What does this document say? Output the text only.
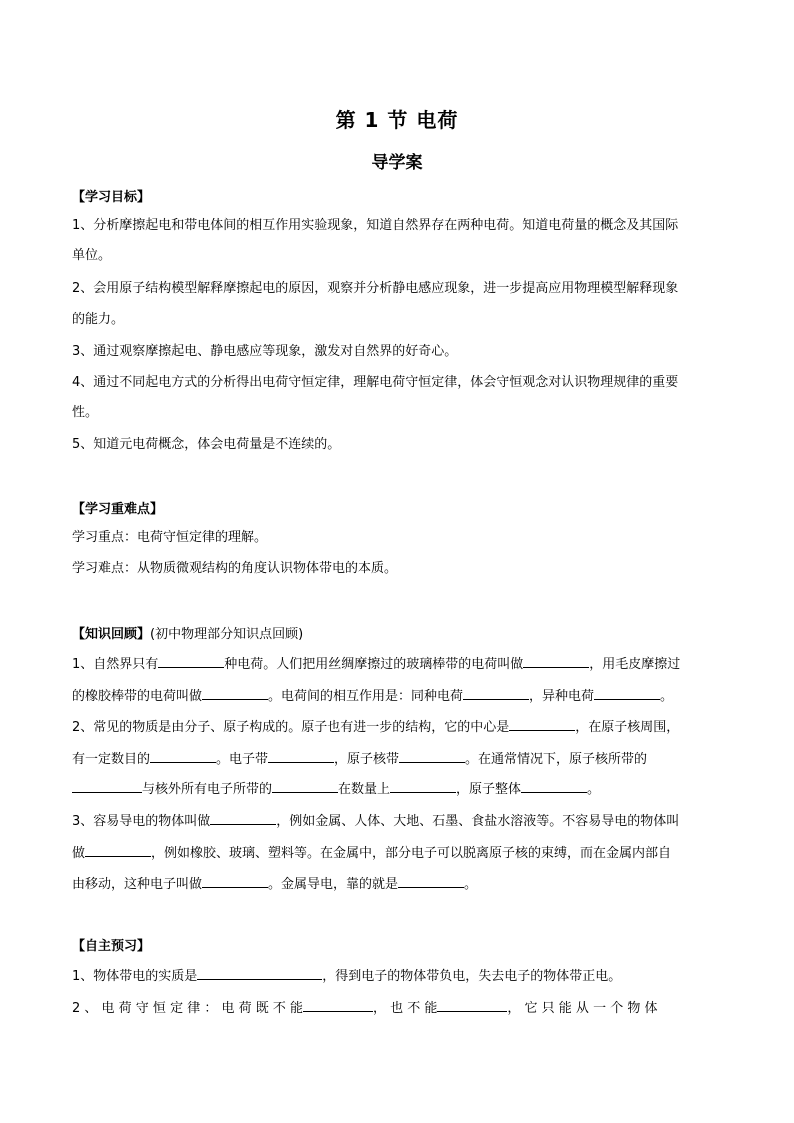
第 1 节 电荷
导学案
【学习目标】
1、分析摩擦起电和带电体间的相互作用实验现象，知道自然界存在两种电荷。知道电荷量的概念及其国际
单位。
2、会用原子结构模型解释摩擦起电的原因，观察并分析静电感应现象，进一步提高应用物理模型解释现象
的能力。
3、通过观察摩擦起电、静电感应等现象，激发对自然界的好奇心。
4、通过不同起电方式的分析得出电荷守恒定律，理解电荷守恒定律，体会守恒观念对认识物理规律的重要
性。
5、知道元电荷概念，体会电荷量是不连续的。
【学习重难点】
学习重点：电荷守恒定律的理解。
学习难点：从物质微观结构的角度认识物体带电的本质。
【知识回顾】(初中物理部分知识点回顾)
1、自然界只有	种电荷。人们把用丝绸摩擦过的玻璃棒带的电荷叫做	，用毛皮摩擦过
的橡胶棒带的电荷叫做	。电荷间的相互作用是：同种电荷	，异种电荷	。
2、常见的物质是由分子、原子构成的。原子也有进一步的结构，它的中心是	，在原子核周围，
有一定数目的	。电子带	，原子核带	。在通常情况下，原子核所带的
与核外所有电子所带的	在数量上	，原子整体	。
3、容易导电的物体叫做	，例如金属、人体、大地、石墨、食盐水溶液等。不容易导电的物体叫
做	，例如橡胶、玻璃、塑料等。在金属中，部分电子可以脱离原子核的束缚，而在金属内部自
由移动，这种电子叫做	。金属导电，靠的就是	。
【自主预习】
1、物体带电的实质是	，得到电子的物体带负电，失去电子的物体带正电。
2 、 电 荷 守 恒 定 律 ： 电 荷 既 不 能	， 也 不 能	， 它 只 能 从 一 个 物 体
